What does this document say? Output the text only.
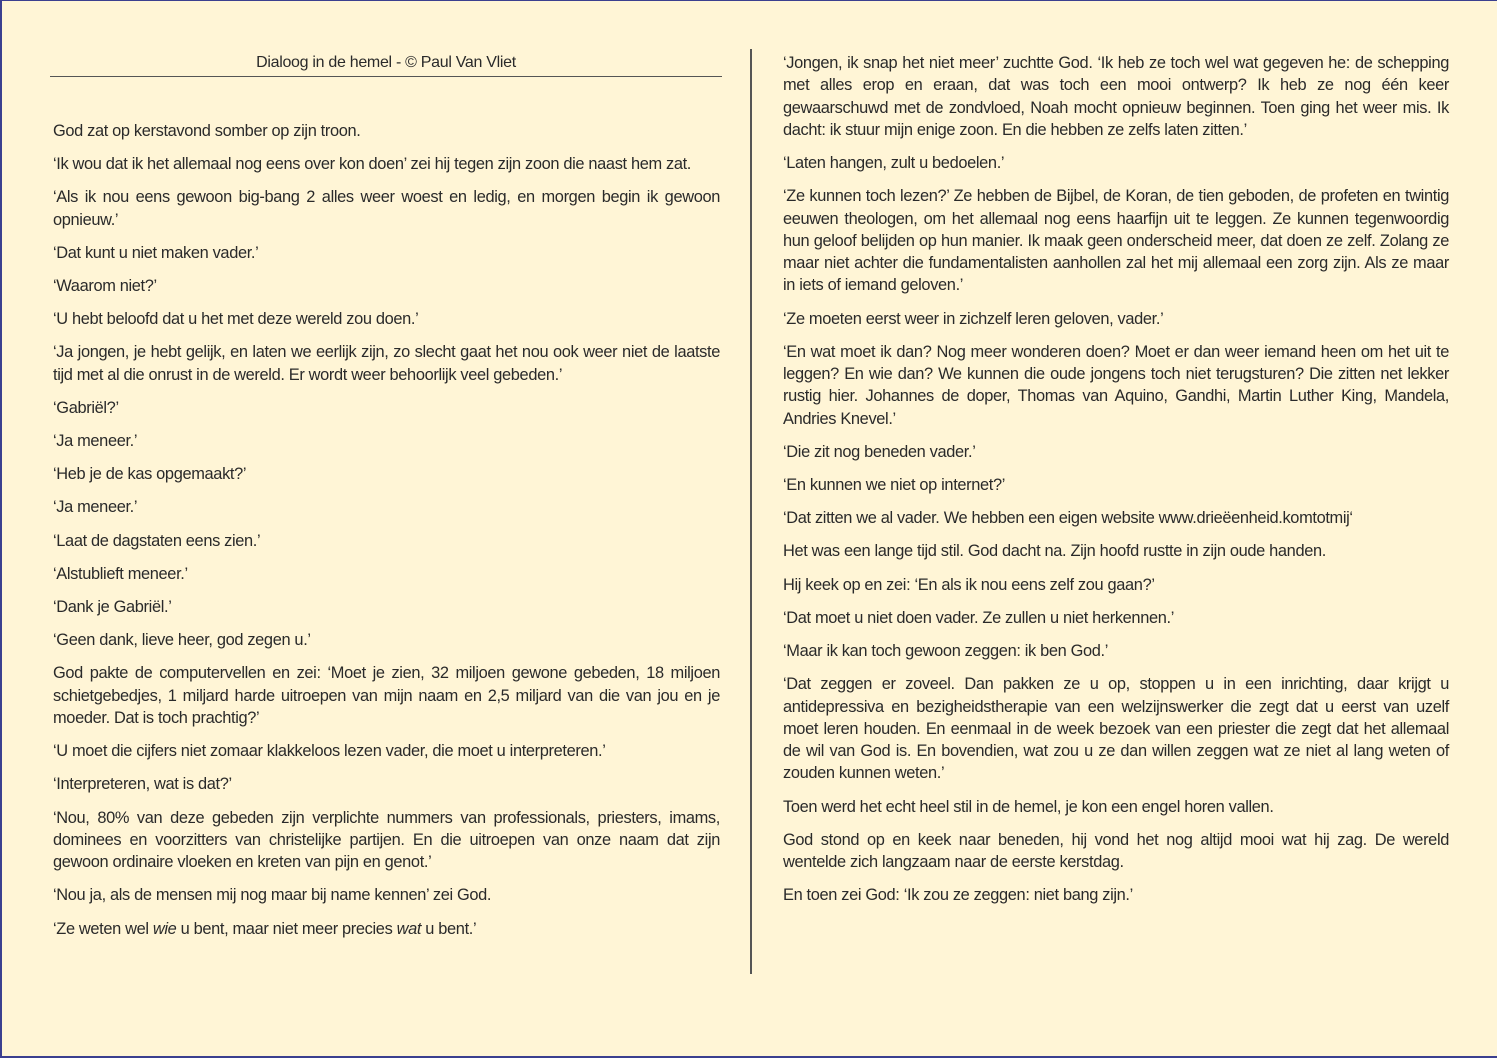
Dialoog in de hemel - © Paul Van Vliet

God zat op kerstavond somber op zijn troon.

‘Ik wou dat ik het allemaal nog eens over kon doen’ zei hij tegen zijn zoon die naast hem zat.

‘Als ik nou eens gewoon big-bang 2 alles weer woest en ledig, en morgen begin ik gewoon opnieuw.’

‘Dat kunt u niet maken vader.’

‘Waarom niet?’

‘U hebt beloofd dat u het met deze wereld zou doen.’

‘Ja jongen, je hebt gelijk, en laten we eerlijk zijn, zo slecht gaat het nou ook weer niet de laatste tijd met al die onrust in de wereld. Er wordt weer behoorlijk veel gebeden.’

‘Gabriël?’

‘Ja meneer.’

‘Heb je de kas opgemaakt?’

‘Ja meneer.’

‘Laat de dagstaten eens zien.’

‘Alstublieft meneer.’

‘Dank je Gabriël.’

‘Geen dank, lieve heer, god zegen u.’

God pakte de computervellen en zei: ‘Moet je zien, 32 miljoen gewone gebeden, 18 miljoen schietgebedjes, 1 miljard harde uitroepen van mijn naam en 2,5 miljard van die van jou en je moeder. Dat is toch prachtig?’

‘U moet die cijfers niet zomaar klakkeloos lezen vader, die moet u interpreteren.’

‘Interpreteren, wat is dat?’

‘Nou, 80% van deze gebeden zijn verplichte nummers van professionals, priesters, imams, dominees en voorzitters van christelijke partijen. En die uitroepen van onze naam dat zijn gewoon ordinaire vloeken en kreten van pijn en genot.’

‘Nou ja, als de mensen mij nog maar bij name kennen’ zei God.

‘Ze weten wel wie u bent, maar niet meer precies wat u bent.’

‘Jongen, ik snap het niet meer’ zuchtte God. ‘Ik heb ze toch wel wat gegeven he: de schepping met alles erop en eraan, dat was toch een mooi ontwerp? Ik heb ze nog één keer gewaarschuwd met de zondvloed, Noah mocht opnieuw beginnen. Toen ging het weer mis. Ik dacht: ik stuur mijn enige zoon. En die hebben ze zelfs laten zitten.’

‘Laten hangen, zult u bedoelen.’

‘Ze kunnen toch lezen?’ Ze hebben de Bijbel, de Koran, de tien geboden, de profeten en twintig eeuwen theologen, om het allemaal nog eens haarfijn uit te leggen. Ze kunnen tegenwoordig hun geloof belijden op hun manier. Ik maak geen onderscheid meer, dat doen ze zelf. Zolang ze maar niet achter die fundamentalisten aanhollen zal het mij allemaal een zorg zijn. Als ze maar in iets of iemand geloven.’

‘Ze moeten eerst weer in zichzelf leren geloven, vader.’

‘En wat moet ik dan? Nog meer wonderen doen? Moet er dan weer iemand heen om het uit te leggen? En wie dan? We kunnen die oude jongens toch niet terugsturen? Die zitten net lekker rustig hier. Johannes de doper, Thomas van Aquino, Gandhi, Martin Luther King, Mandela, Andries Knevel.’

‘Die zit nog beneden vader.’

‘En kunnen we niet op internet?’

‘Dat zitten we al vader. We hebben een eigen website www.drieëenheid.komtotmij‘

Het was een lange tijd stil. God dacht na. Zijn hoofd rustte in zijn oude handen.

Hij keek op en zei: ‘En als ik nou eens zelf zou gaan?’

‘Dat moet u niet doen vader. Ze zullen u niet herkennen.’

‘Maar ik kan toch gewoon zeggen: ik ben God.’

‘Dat zeggen er zoveel. Dan pakken ze u op, stoppen u in een inrichting, daar krijgt u antidepressiva en bezigheidstherapie van een welzijnswerker die zegt dat u eerst van uzelf moet leren houden. En eenmaal in de week bezoek van een priester die zegt dat het allemaal de wil van God is. En bovendien, wat zou u ze dan willen zeggen wat ze niet al lang weten of zouden kunnen weten.’

Toen werd het echt heel stil in de hemel, je kon een engel horen vallen.

God stond op en keek naar beneden, hij vond het nog altijd mooi wat hij zag. De wereld wentelde zich langzaam naar de eerste kerstdag.

En toen zei God: ‘Ik zou ze zeggen: niet bang zijn.’
